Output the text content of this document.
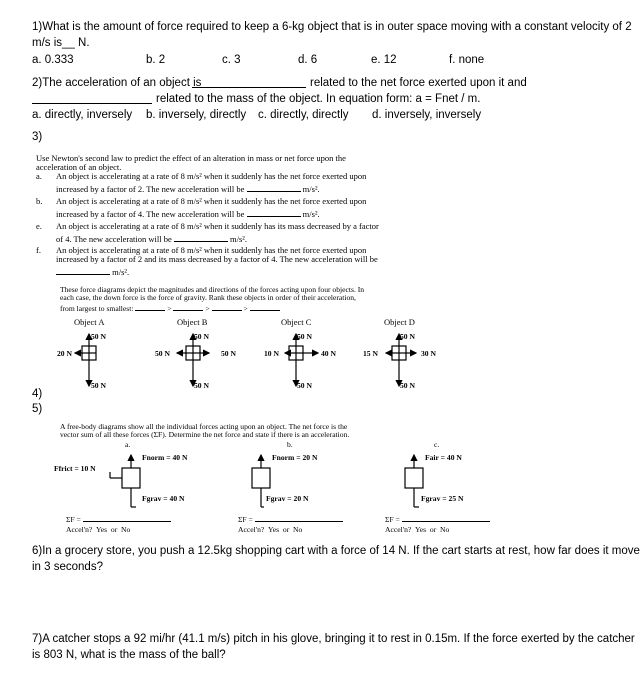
1)What is the amount of force required to keep a 6-kg object that is in outer space moving with a constant velocity of 2
m/s is__ N.
a. 0.333	b. 2	c. 3	d. 6	e. 12	f. none
2)The acceleration of an object is	related to the net force exerted upon it and
related to the mass of the object. In equation form: a = Fnet / m.
a. directly, inversely b. inversely, directly c. directly, directly d. inversely, inversely
3)
Use Newton's second law to predict the effect of an alteration in mass or net force upon the
acceleration of an object.
a. An object is accelerating at a rate of 8 m/s² when it suddenly has the net force exerted upon
increased by a factor of 2. The new acceleration will be	m/s².
b. An object is accelerating at a rate of 8 m/s² when it suddenly has the net force exerted upon
increased by a factor of 4. The new acceleration will be	m/s².
e. An object is accelerating at a rate of 8 m/s² when it suddenly has its mass decreased by a factor
of 4. The new acceleration will be	m/s².
f. An object is accelerating at a rate of 8 m/s² when it suddenly has the net force exerted upon
increased by a factor of 2 and its mass decreased by a factor of 4. The new acceleration will be
m/s².
These force diagrams depict the magnitudes and directions of the forces acting upon four objects. In
each case, the down force is the force of gravity. Rank these objects in order of their acceleration,
from largest to smallest:	>	>	>
Object A	Object B	Object C	Object D
50 N
20 N
50 N
50 N
50 N	50 N
50 N
50 N
10 N	40 N
50 N
50 N
15 N	30 N
50 N
4)
5)
A free-body diagrams show all the individual forces acting upon an object. The net force is the
vector sum of all these forces (ΣF). Determine the net force and state if there is an acceleration.
a.	b.	c.
Fnorm = 40 N
Ffrict = 10 N
Fgrav = 40 N
Fnorm = 20 N
Fgrav = 20 N
Fair = 40 N
Fgrav = 25 N
ΣF =	ΣF =	ΣF =
Accel'n? Yes or No	Accel'n? Yes or No	Accel'n? Yes or No
6)In a grocery store, you push a 12.5kg shopping cart with a force of 14 N. If the cart starts at rest, how far does it move
in 3 seconds?
7)A catcher stops a 92 mi/hr (41.1 m/s) pitch in his glove, bringing it to rest in 0.15m. If the force exerted by the catcher
is 803 N, what is the mass of the ball?
